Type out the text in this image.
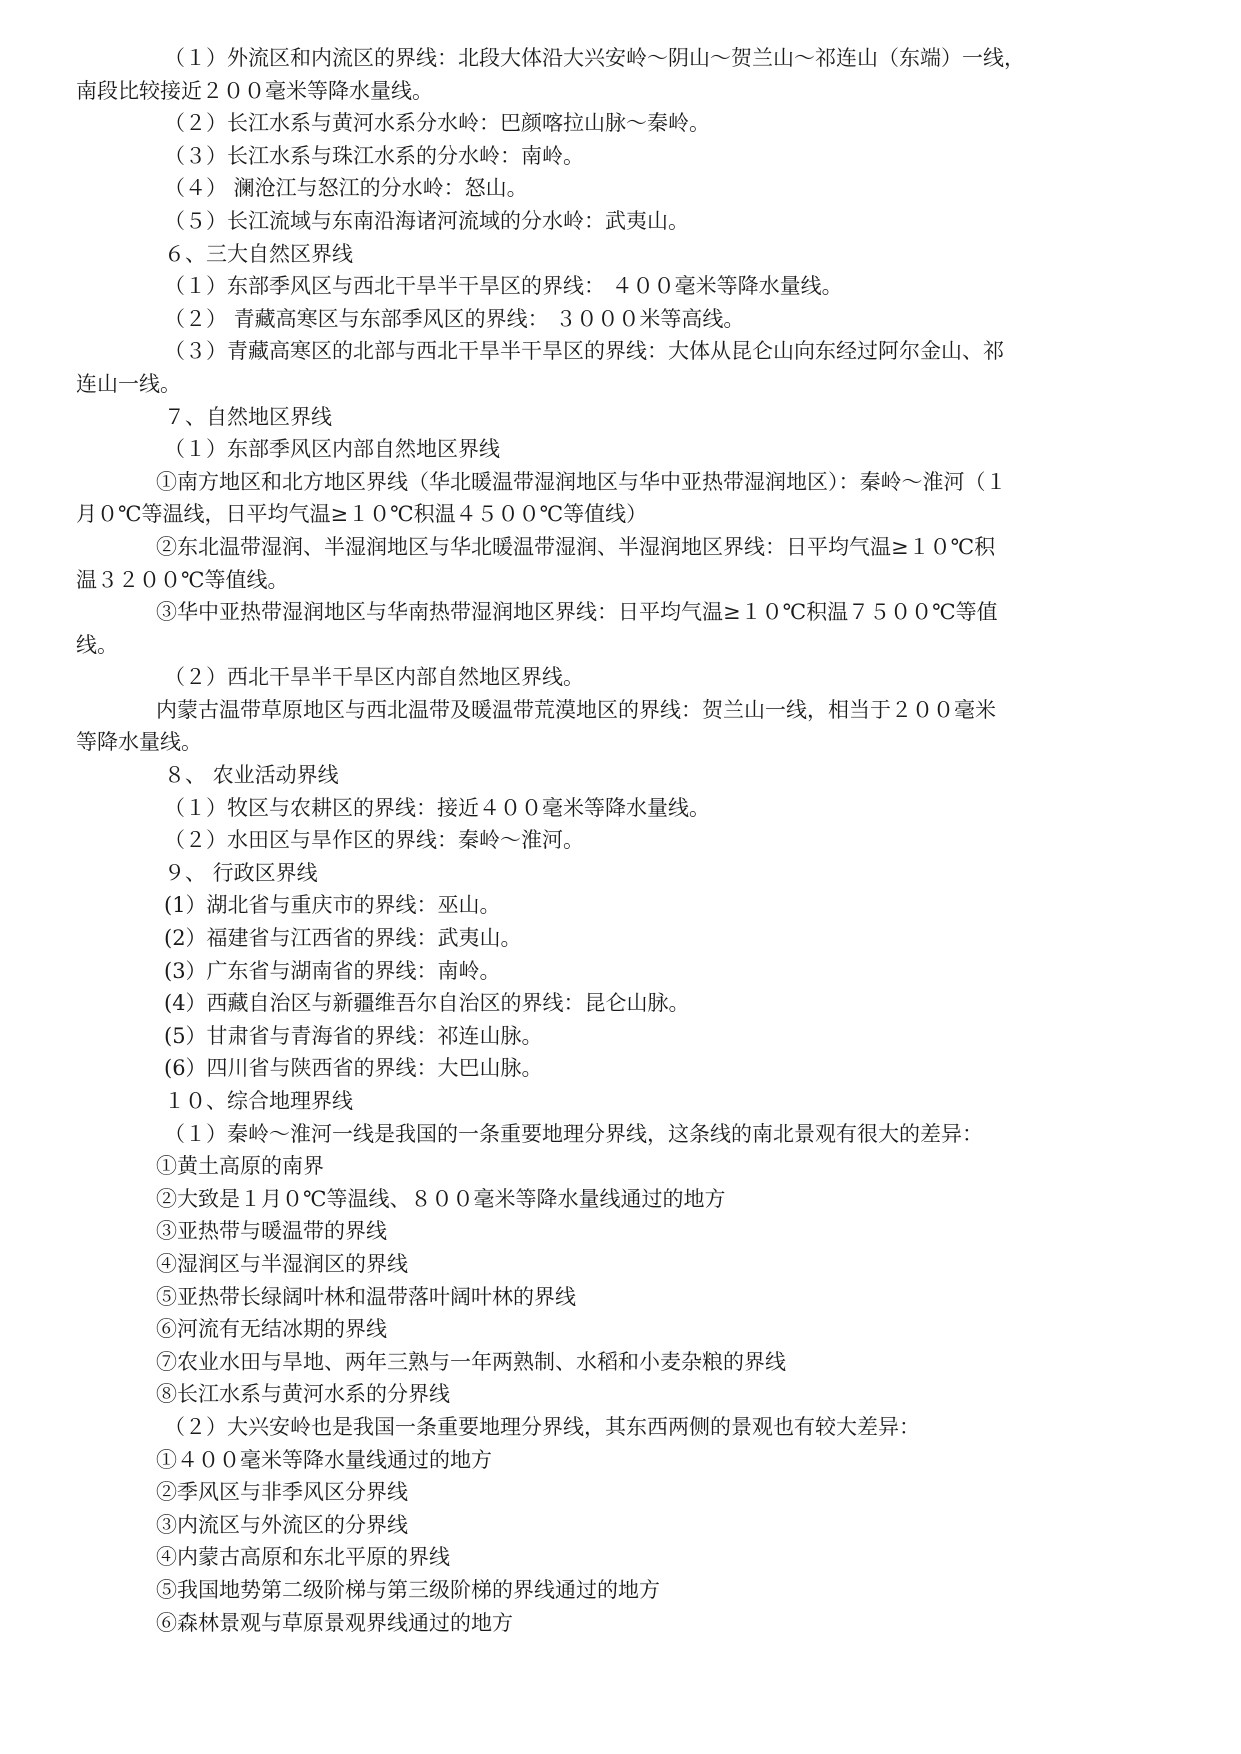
（１）外流区和内流区的界线：北段大体沿大兴安岭～阴山～贺兰山～祁连山（东端）一线，
南段比较接近２００毫米等降水量线。
（２）长江水系与黄河水系分水岭：巴颜喀拉山脉～秦岭。
（３）长江水系与珠江水系的分水岭：南岭。
（４） 澜沧江与怒江的分水岭：怒山。
（５）长江流域与东南沿海诸河流域的分水岭：武夷山。
６、三大自然区界线
（１）东部季风区与西北干旱半干旱区的界线： ４００毫米等降水量线。
（２） 青藏高寒区与东部季风区的界线： ３０００米等高线。
（３）青藏高寒区的北部与西北干旱半干旱区的界线：大体从昆仑山向东经过阿尔金山、祁
连山一线。
７、自然地区界线
（１）东部季风区内部自然地区界线
①南方地区和北方地区界线（华北暖温带湿润地区与华中亚热带湿润地区）：秦岭～淮河（１
月０℃等温线，日平均气温≥１０℃积温４５００℃等值线）
②东北温带湿润、半湿润地区与华北暖温带湿润、半湿润地区界线：日平均气温≥１０℃积
温３２００℃等值线。
③华中亚热带湿润地区与华南热带湿润地区界线：日平均气温≥１０℃积温７５００℃等值
线。
（２）西北干旱半干旱区内部自然地区界线。
内蒙古温带草原地区与西北温带及暖温带荒漠地区的界线：贺兰山一线，相当于２００毫米
等降水量线。
８、 农业活动界线
（１）牧区与农耕区的界线：接近４００毫米等降水量线。
（２）水田区与旱作区的界线：秦岭～淮河。
９、 行政区界线
(1）湖北省与重庆市的界线：巫山。
(2）福建省与江西省的界线：武夷山。
(3）广东省与湖南省的界线：南岭。
(4）西藏自治区与新疆维吾尔自治区的界线：昆仑山脉。
(5）甘肃省与青海省的界线：祁连山脉。
(6）四川省与陕西省的界线：大巴山脉。
１０、综合地理界线
（１）秦岭～淮河一线是我国的一条重要地理分界线，这条线的南北景观有很大的差异：
①黄土高原的南界
②大致是１月０℃等温线、８００毫米等降水量线通过的地方
③亚热带与暖温带的界线
④湿润区与半湿润区的界线
⑤亚热带长绿阔叶林和温带落叶阔叶林的界线
⑥河流有无结冰期的界线
⑦农业水田与旱地、两年三熟与一年两熟制、水稻和小麦杂粮的界线
⑧长江水系与黄河水系的分界线
（２）大兴安岭也是我国一条重要地理分界线，其东西两侧的景观也有较大差异：
①４００毫米等降水量线通过的地方
②季风区与非季风区分界线
③内流区与外流区的分界线
④内蒙古高原和东北平原的界线
⑤我国地势第二级阶梯与第三级阶梯的界线通过的地方
⑥森林景观与草原景观界线通过的地方
